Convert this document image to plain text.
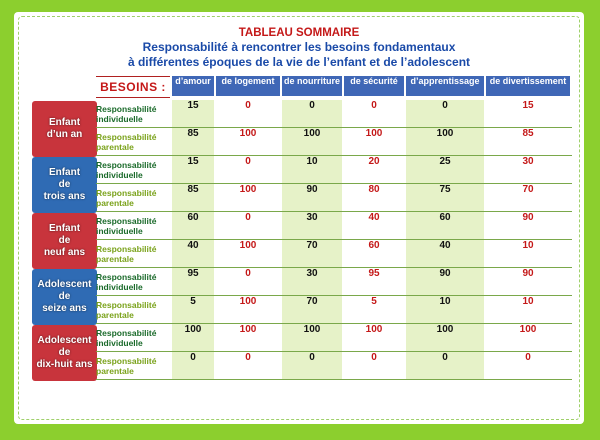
TABLEAU SOMMAIRE
Responsabilité à rencontrer les besoins fondamentaux
à différentes époques de la vie de l’enfant et de l’adolescent
BESOINS :	d’amour	de logement	de nourriture	de sécurité	d’apprentissage	de divertissement
Enfant
d’un an
Responsabilité individuelle
15	0	0	0	0	15
Responsabilité parentale
85	100	100	100	100	85
Enfant
de
trois ans
Responsabilité individuelle
15	0	10	20	25	30
Responsabilité parentale
85	100	90	80	75	70
Enfant
de
neuf ans
Responsabilité individuelle
60	0	30	40	60	90
Responsabilité parentale
40	100	70	60	40	10
Adolescent
de
seize ans
Responsabilité individuelle
95	0	30	95	90	90
Responsabilité parentale
5	100	70	5	10	10
Adolescent
de
dix-huit ans
Responsabilité individuelle
100	100	100	100	100	100
Responsabilité parentale
0	0	0	0	0	0
